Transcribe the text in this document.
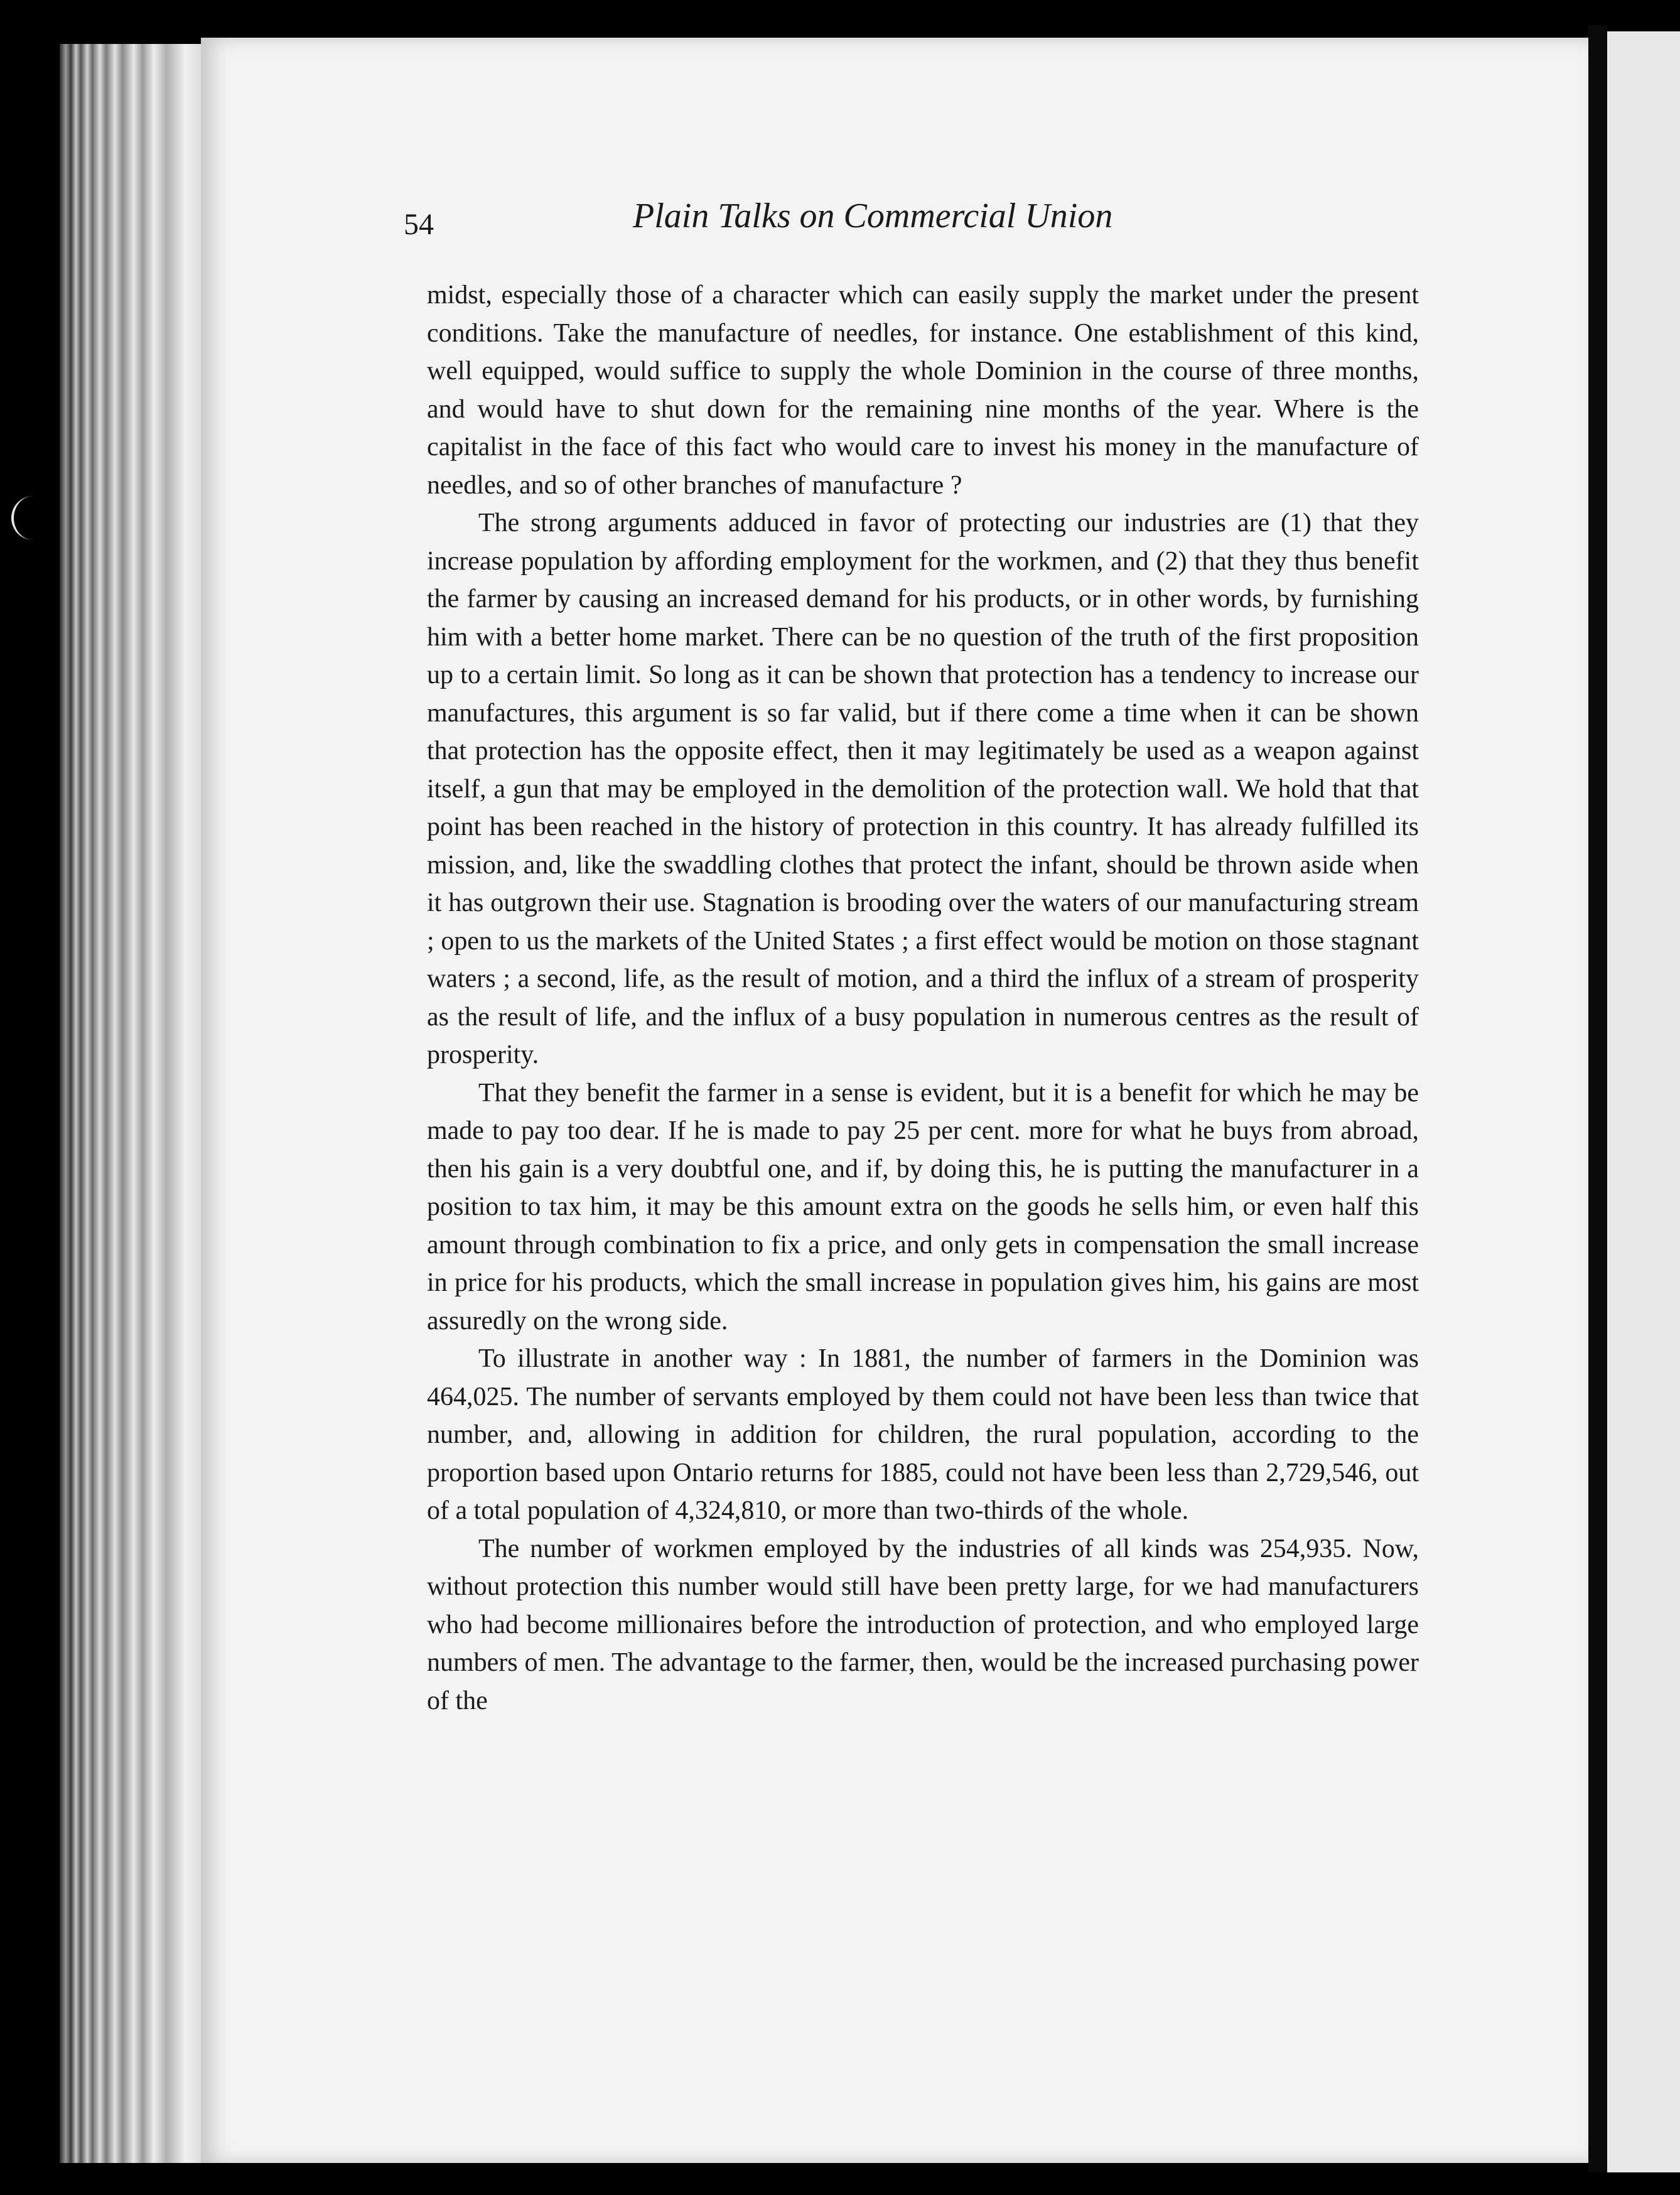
54	Plain Talks on Commercial Union

midst, especially those of a character which can easily supply the market under the present conditions. Take the manufacture of needles, for instance. One establishment of this kind, well equipped, would suffice to supply the whole Dominion in the course of three months, and would have to shut down for the remaining nine months of the year. Where is the capitalist in the face of this fact who would care to invest his money in the manufacture of needles, and so of other branches of manufacture ?

The strong arguments adduced in favor of protecting our industries are (1) that they increase population by affording employment for the workmen, and (2) that they thus benefit the farmer by causing an increased demand for his products, or in other words, by furnishing him with a better home market. There can be no question of the truth of the first proposition up to a certain limit. So long as it can be shown that protection has a tendency to increase our manufactures, this argument is so far valid, but if there come a time when it can be shown that protection has the opposite effect, then it may legitimately be used as a weapon against itself, a gun that may be employed in the demolition of the protection wall. We hold that that point has been reached in the history of protection in this country. It has already fulfilled its mission, and, like the swaddling clothes that protect the infant, should be thrown aside when it has outgrown their use. Stagnation is brooding over the waters of our manufacturing stream ; open to us the markets of the United States ; a first effect would be motion on those stagnant waters ; a second, life, as the result of motion, and a third the influx of a stream of prosperity as the result of life, and the influx of a busy population in numerous centres as the result of prosperity.

That they benefit the farmer in a sense is evident, but it is a benefit for which he may be made to pay too dear. If he is made to pay 25 per cent. more for what he buys from abroad, then his gain is a very doubtful one, and if, by doing this, he is putting the manufacturer in a position to tax him, it may be this amount extra on the goods he sells him, or even half this amount through combination to fix a price, and only gets in compensation the small increase in price for his products, which the small increase in population gives him, his gains are most assuredly on the wrong side.

To illustrate in another way : In 1881, the number of farmers in the Dominion was 464,025. The number of servants employed by them could not have been less than twice that number, and, allowing in addition for children, the rural population, according to the proportion based upon Ontario returns for 1885, could not have been less than 2,729,546, out of a total population of 4,324,810, or more than two-thirds of the whole.

The number of workmen employed by the industries of all kinds was 254,935. Now, without protection this number would still have been pretty large, for we had manufacturers who had become millionaires before the introduction of protection, and who employed large numbers of men. The advantage to the farmer, then, would be the increased purchasing power of the
